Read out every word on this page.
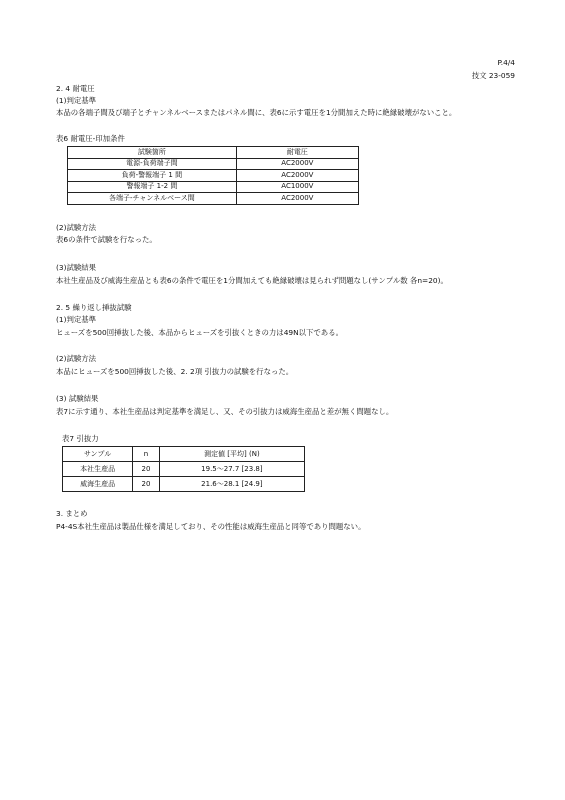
P.4/4
技文 23-059
2. 4 耐電圧
(1)判定基準
本品の各端子間及び端子とチャンネルベースまたはパネル間に、表6に示す電圧を1分間加えた時に絶縁破壊がないこと。
表6 耐電圧-印加条件
試験箇所	耐電圧
電源-負荷端子間	AC2000V
負荷-警報端子 1 間	AC2000V
警報端子 1-2 間	AC1000V
各端子-チャンネルベース間	AC2000V
(2)試験方法
表6の条件で試験を行なった。
(3)試験結果
本社生産品及び威海生産品とも表6の条件で電圧を1分間加えても絶縁破壊は見られず問題なし(サンプル数 各n=20)。
2. 5 繰り返し挿抜試験
(1)判定基準
ヒューズを500回挿抜した後、本品からヒューズを引抜くときの力は49N以下である。
(2)試験方法
本品にヒューズを500回挿抜した後、2. 2項 引抜力の試験を行なった。
(3) 試験結果
表7に示す通り、本社生産品は判定基準を満足し、又、その引抜力は威海生産品と差が無く問題なし。
表7 引抜力
サンプル	n	測定値 [平均] (N)
本社生産品	20	19.5～27.7 [23.8]
威海生産品	20	21.6～28.1 [24.9]
3. まとめ
P4-4S本社生産品は製品仕様を満足しており、その性能は威海生産品と同等であり問題ない。
